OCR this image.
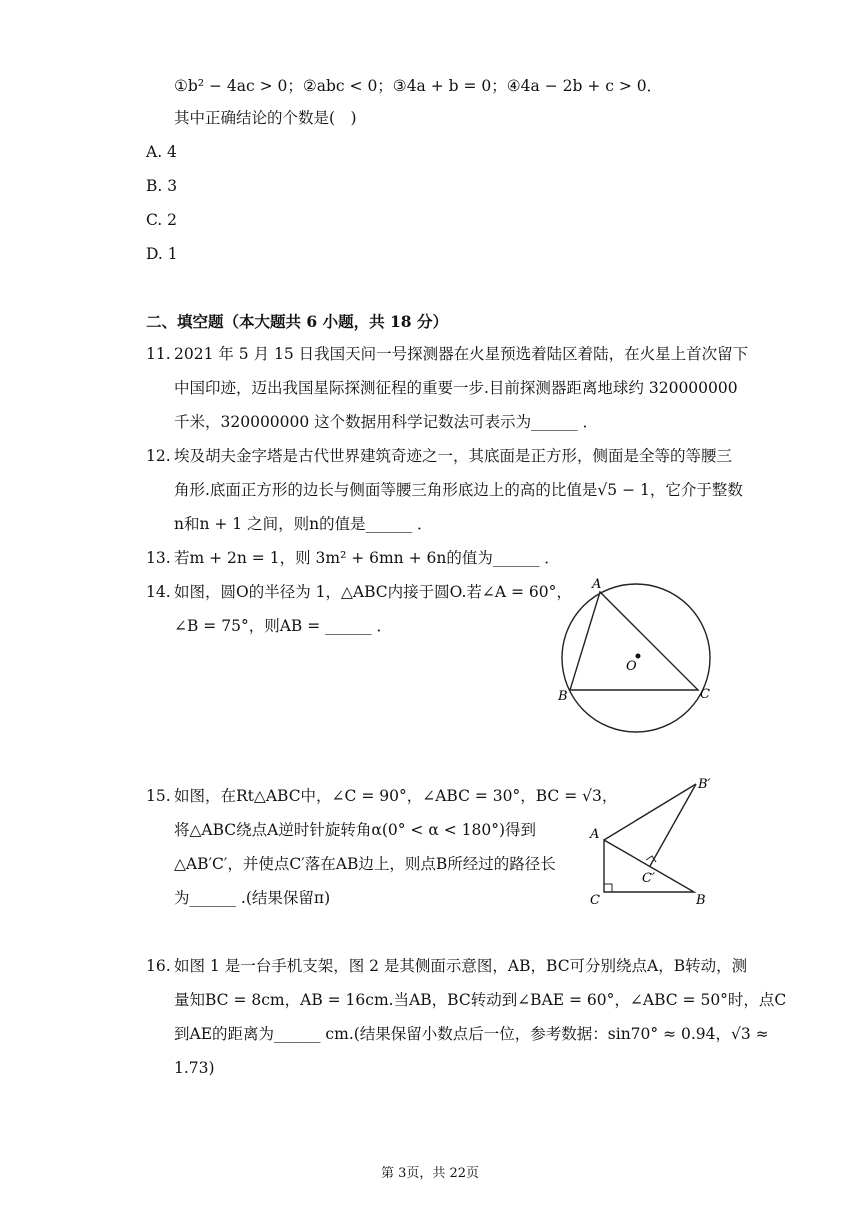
①b² − 4ac > 0；②abc < 0；③4a + b = 0；④4a − 2b + c > 0．
其中正确结论的个数是(　)
A. 4
B. 3
C. 2
D. 1
二、填空题（本大题共 6 小题，共 18 分）
11. 2021 年 5 月 15 日我国天问一号探测器在火星预选着陆区着陆，在火星上首次留下
中国印迹，迈出我国星际探测征程的重要一步.目前探测器距离地球约 320000000
千米，320000000 这个数据用科学记数法可表示为______ ．
12. 埃及胡夫金字塔是古代世界建筑奇迹之一，其底面是正方形，侧面是全等的等腰三
角形.底面正方形的边长与侧面等腰三角形底边上的高的比值是√5 − 1，它介于整数
n和n + 1 之间，则n的值是______ ．
13. 若m + 2n = 1，则 3m² + 6mn + 6n的值为______ ．
14. 如图，圆O的半径为 1，△ABC内接于圆O.若∠A = 60°，
∠B = 75°，则AB = ______ ．
A
B	C
O
15. 如图，在Rt△ABC中，∠C = 90°，∠ABC = 30°，BC = √3，
将△ABC绕点A逆时针旋转角α(0° < α < 180°)得到
△AB′C′，并使点C′落在AB边上，则点B所经过的路径长
为______ .(结果保留π)
A
B
C
B′
C′
16. 如图 1 是一台手机支架，图 2 是其侧面示意图，AB，BC可分别绕点A，B转动，测
量知BC = 8cm，AB = 16cm.当AB，BC转动到∠BAE = 60°，∠ABC = 50°时，点C
到AE的距离为______ cm.(结果保留小数点后一位，参考数据：sin70° ≈ 0.94，√3 ≈
1.73)
第 3页，共 22页
